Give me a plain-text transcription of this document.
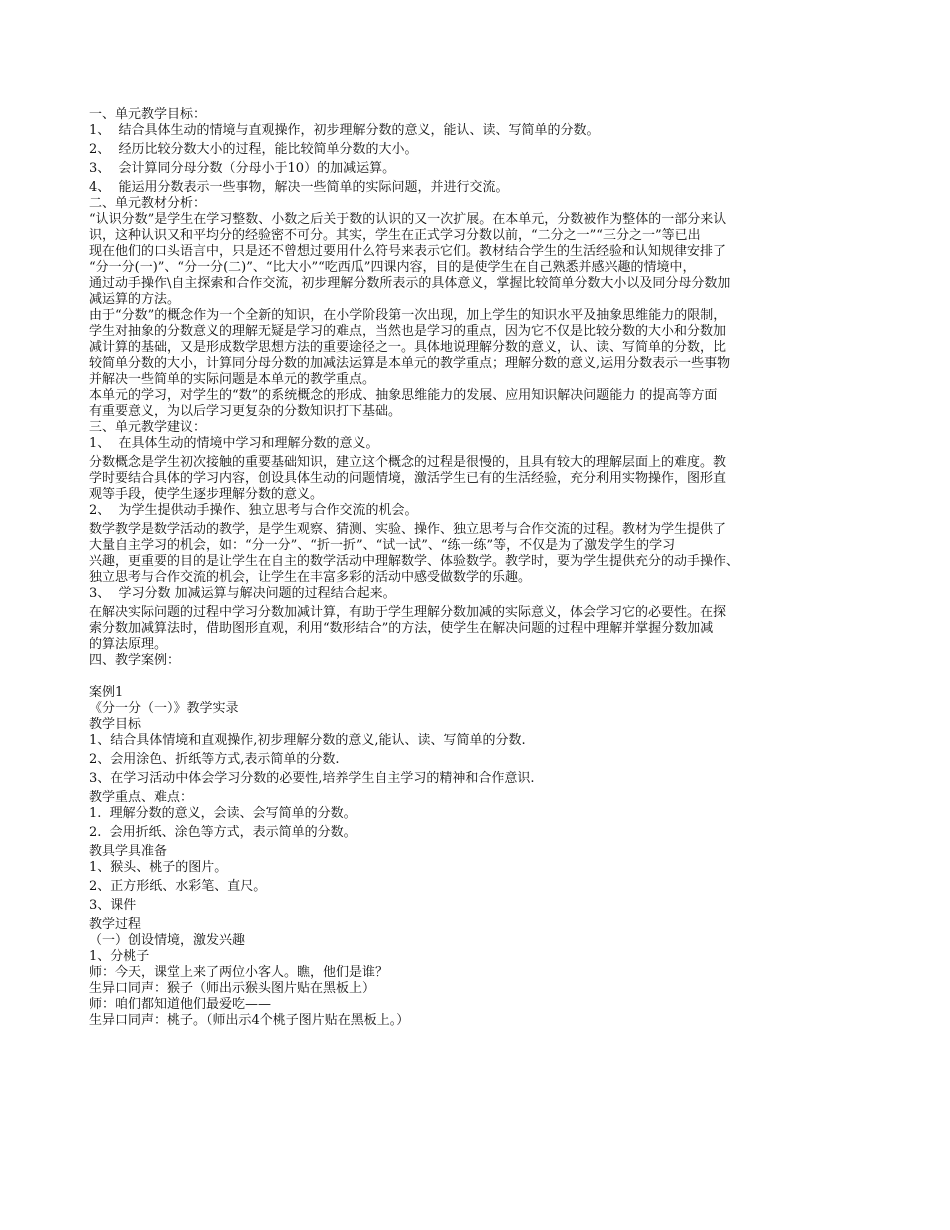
一、单元教学目标：
1、  结合具体生动的情境与直观操作，初步理解分数的意义，能认、读、写简单的分数。
2、  经历比较分数大小的过程，能比较简单分数的大小。
3、  会计算同分母分数（分母小于10）的加减运算。
4、  能运用分数表示一些事物，解决一些简单的实际问题，并进行交流。
二、单元教材分析：
“认识分数”是学生在学习整数、小数之后关于数的认识的又一次扩展。在本单元，分数被作为整体的一部分来认
识，这种认识又和平均分的经验密不可分。其实，学生在正式学习分数以前，“二分之一”“三分之一”等已出
现在他们的口头语言中，只是还不曾想过要用什么符号来表示它们。教材结合学生的生活经验和认知规律安排了
“分一分(一)”、“分一分(二)”、“比大小”“吃西瓜”四课内容，目的是使学生在自己熟悉并感兴趣的情境中，
通过动手操作\自主探索和合作交流，初步理解分数所表示的具体意义，掌握比较简单分数大小以及同分母分数加
减运算的方法。
由于“分数”的概念作为一个全新的知识，在小学阶段第一次出现，加上学生的知识水平及抽象思维能力的限制，
学生对抽象的分数意义的理解无疑是学习的难点，当然也是学习的重点，因为它不仅是比较分数的大小和分数加
减计算的基础，又是形成数学思想方法的重要途径之一。具体地说理解分数的意义，认、读、写简单的分数，比
较简单分数的大小，计算同分母分数的加减法运算是本单元的教学重点；理解分数的意义,运用分数表示一些事物
并解决一些简单的实际问题是本单元的教学重点。
本单元的学习，对学生的“数”的系统概念的形成、抽象思维能力的发展、应用知识解决问题能力 的提高等方面
有重要意义，为以后学习更复杂的分数知识打下基础。
三、单元教学建议：
1、  在具体生动的情境中学习和理解分数的意义。
分数概念是学生初次接触的重要基础知识，建立这个概念的过程是很慢的，且具有较大的理解层面上的难度。教
学时要结合具体的学习内容，创设具体生动的问题情境，激活学生已有的生活经验，充分利用实物操作，图形直
观等手段，使学生逐步理解分数的意义。
2、  为学生提供动手操作、独立思考与合作交流的机会。
数学教学是数学活动的教学，是学生观察、猜测、实验、操作、独立思考与合作交流的过程。教材为学生提供了
大量自主学习的机会，如：“分一分”、“折一折”、“试一试”、“练一练”等，不仅是为了激发学生的学习
兴趣，更重要的目的是让学生在自主的数学活动中理解数学、体验数学。教学时，要为学生提供充分的动手操作、
独立思考与合作交流的机会，让学生在丰富多彩的活动中感受做数学的乐趣。
3、  学习分数 加减运算与解决问题的过程结合起来。
在解决实际问题的过程中学习分数加减计算，有助于学生理解分数加减的实际意义，体会学习它的必要性。在探
索分数加减算法时，借助图形直观，利用“数形结合”的方法，使学生在解决问题的过程中理解并掌握分数加减
的算法原理。
四、教学案例：
案例1
《分一分（一）》教学实录
教学目标
1、结合具体情境和直观操作,初步理解分数的意义,能认、读、写简单的分数.
2、会用涂色、折纸等方式,表示简单的分数.
3、在学习活动中体会学习分数的必要性,培养学生自主学习的精神和合作意识.
教学重点、难点：
1.  理解分数的意义，会读、会写简单的分数。
2.  会用折纸、涂色等方式，表示简单的分数。
教具学具准备
1、猴头、桃子的图片。
2、正方形纸、水彩笔、直尺。
3、课件
教学过程
（一）创设情境，激发兴趣
1、分桃子
师：今天，课堂上来了两位小客人。瞧，他们是谁？
生异口同声：猴子（师出示猴头图片贴在黑板上）
师：咱们都知道他们最爱吃——
生异口同声：桃子。（师出示4个桃子图片贴在黑板上。）
